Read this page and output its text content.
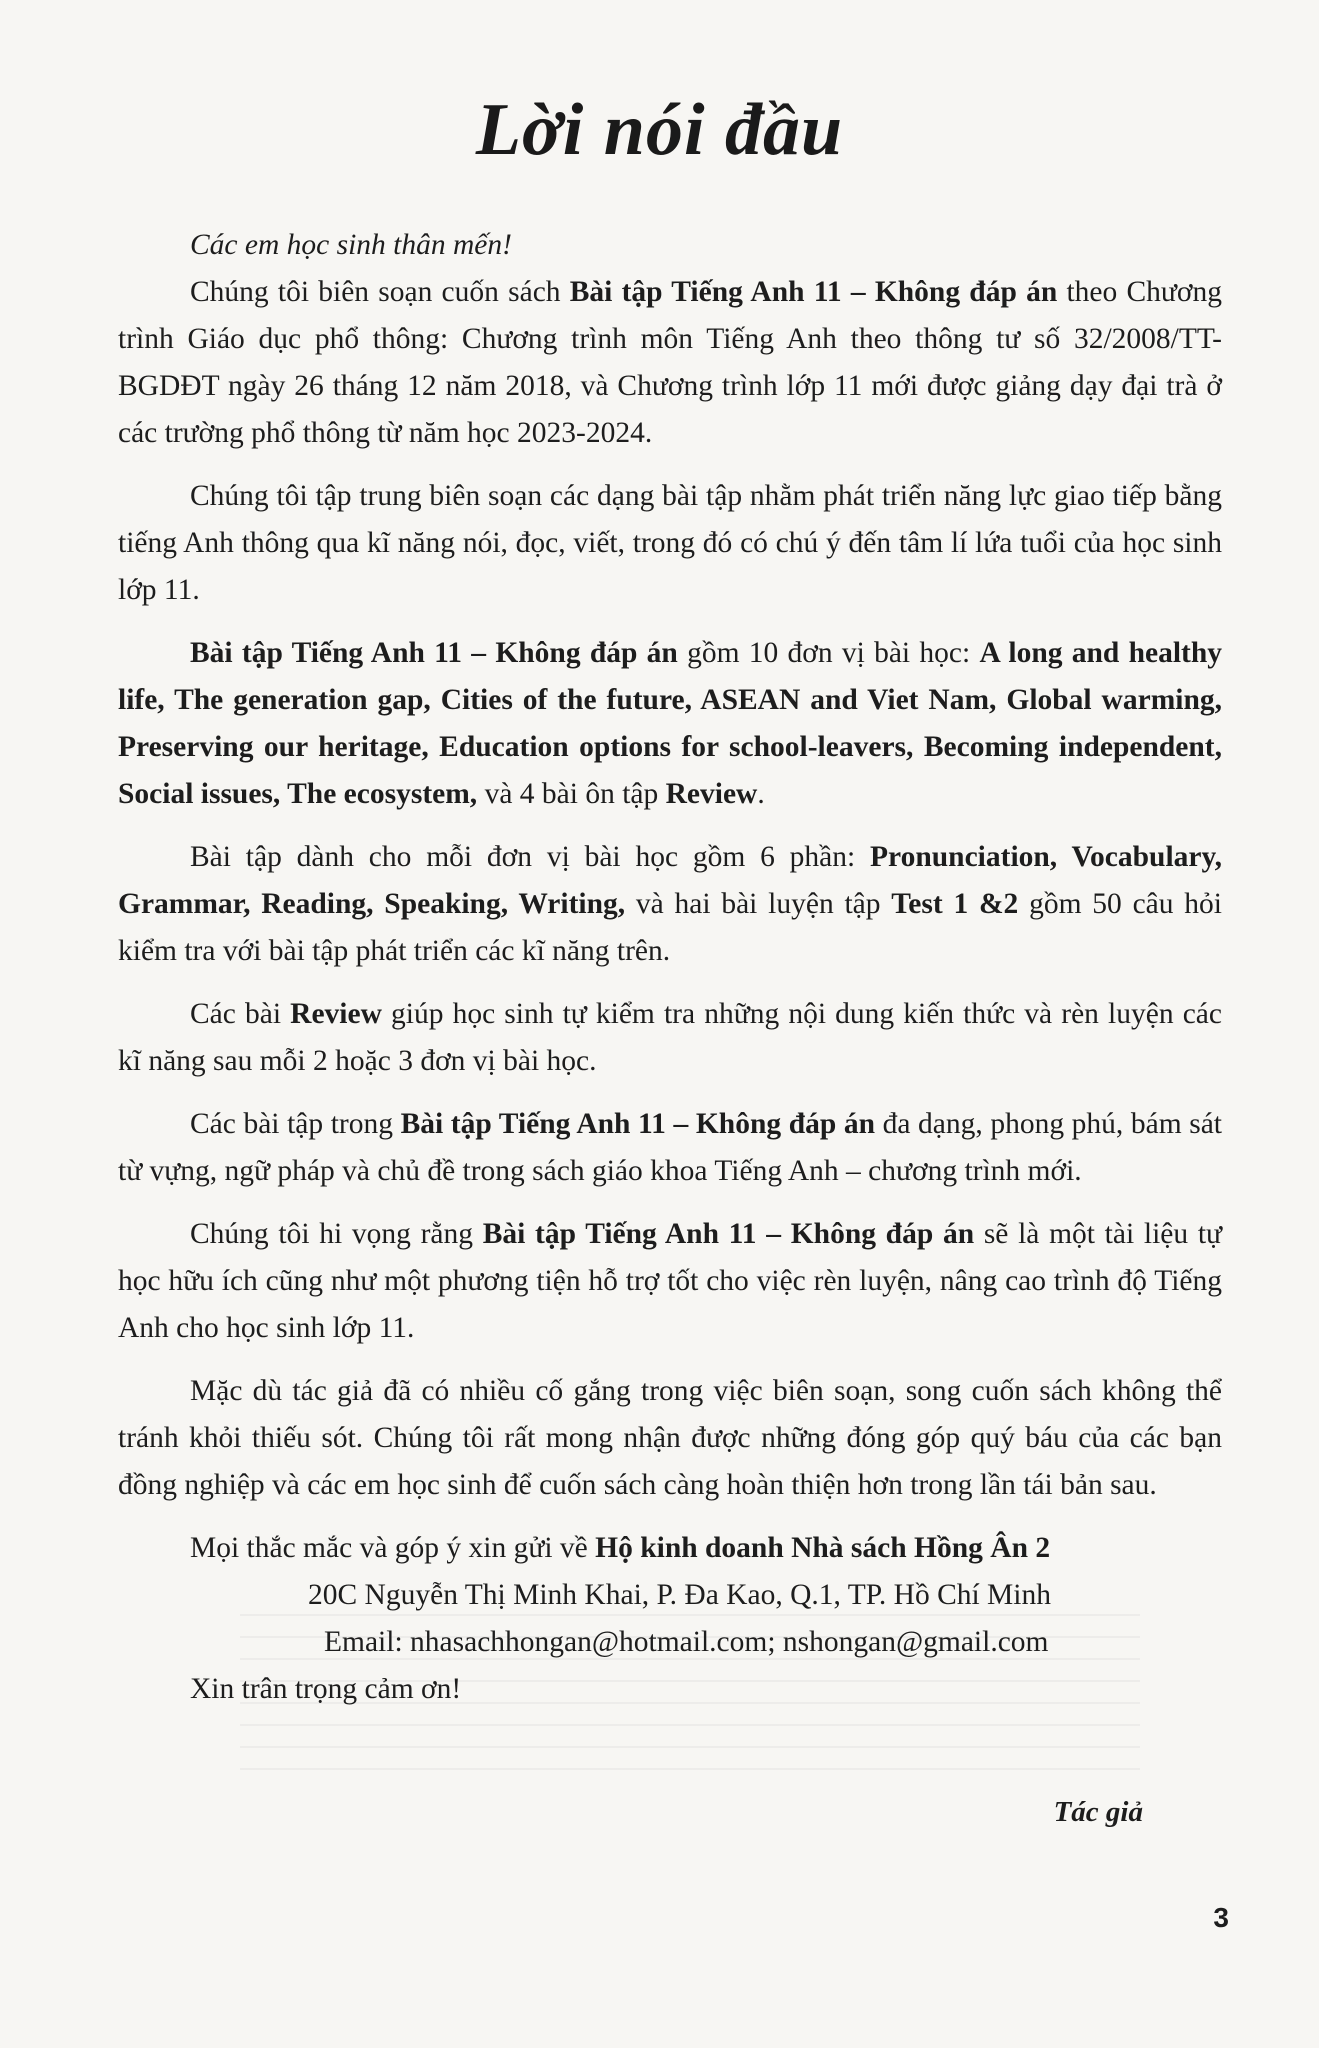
Lời nói đầu

Các em học sinh thân mến!

Chúng tôi biên soạn cuốn sách Bài tập Tiếng Anh 11 – Không đáp án theo Chương trình Giáo dục phổ thông: Chương trình môn Tiếng Anh theo thông tư số 32/2008/TT-BGDĐT ngày 26 tháng 12 năm 2018, và Chương trình lớp 11 mới được giảng dạy đại trà ở các trường phổ thông từ năm học 2023-2024.

Chúng tôi tập trung biên soạn các dạng bài tập nhằm phát triển năng lực giao tiếp bằng tiếng Anh thông qua kĩ năng nói, đọc, viết, trong đó có chú ý đến tâm lí lứa tuổi của học sinh lớp 11.

Bài tập Tiếng Anh 11 – Không đáp án gồm 10 đơn vị bài học: A long and healthy life, The generation gap, Cities of the future, ASEAN and Viet Nam, Global warming, Preserving our heritage, Education options for school-leavers, Becoming independent, Social issues, The ecosystem, và 4 bài ôn tập Review.

Bài tập dành cho mỗi đơn vị bài học gồm 6 phần: Pronunciation, Vocabulary, Grammar, Reading, Speaking, Writing, và hai bài luyện tập Test 1 &2 gồm 50 câu hỏi kiểm tra với bài tập phát triển các kĩ năng trên.

Các bài Review giúp học sinh tự kiểm tra những nội dung kiến thức và rèn luyện các kĩ năng sau mỗi 2 hoặc 3 đơn vị bài học.

Các bài tập trong Bài tập Tiếng Anh 11 – Không đáp án đa dạng, phong phú, bám sát từ vựng, ngữ pháp và chủ đề trong sách giáo khoa Tiếng Anh – chương trình mới.

Chúng tôi hi vọng rằng Bài tập Tiếng Anh 11 – Không đáp án sẽ là một tài liệu tự học hữu ích cũng như một phương tiện hỗ trợ tốt cho việc rèn luyện, nâng cao trình độ Tiếng Anh cho học sinh lớp 11.

Mặc dù tác giả đã có nhiều cố gắng trong việc biên soạn, song cuốn sách không thể tránh khỏi thiếu sót. Chúng tôi rất mong nhận được những đóng góp quý báu của các bạn đồng nghiệp và các em học sinh để cuốn sách càng hoàn thiện hơn trong lần tái bản sau.

Mọi thắc mắc và góp ý xin gửi về Hộ kinh doanh Nhà sách Hồng Ân 2

20C Nguyễn Thị Minh Khai, P. Đa Kao, Q.1, TP. Hồ Chí Minh

Email: nhasachhongan@hotmail.com; nshongan@gmail.com

Xin trân trọng cảm ơn!

Tác giả
3
